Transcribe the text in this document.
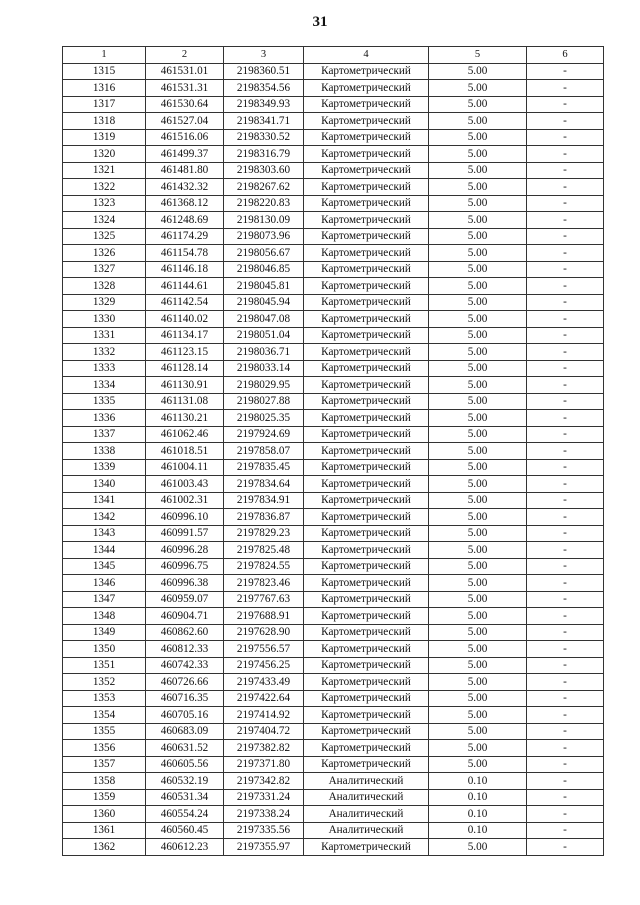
31
1	2	3	4	5	6
1315	461531.01	2198360.51	Картометрический	5.00	-
1316	461531.31	2198354.56	Картометрический	5.00	-
1317	461530.64	2198349.93	Картометрический	5.00	-
1318	461527.04	2198341.71	Картометрический	5.00	-
1319	461516.06	2198330.52	Картометрический	5.00	-
1320	461499.37	2198316.79	Картометрический	5.00	-
1321	461481.80	2198303.60	Картометрический	5.00	-
1322	461432.32	2198267.62	Картометрический	5.00	-
1323	461368.12	2198220.83	Картометрический	5.00	-
1324	461248.69	2198130.09	Картометрический	5.00	-
1325	461174.29	2198073.96	Картометрический	5.00	-
1326	461154.78	2198056.67	Картометрический	5.00	-
1327	461146.18	2198046.85	Картометрический	5.00	-
1328	461144.61	2198045.81	Картометрический	5.00	-
1329	461142.54	2198045.94	Картометрический	5.00	-
1330	461140.02	2198047.08	Картометрический	5.00	-
1331	461134.17	2198051.04	Картометрический	5.00	-
1332	461123.15	2198036.71	Картометрический	5.00	-
1333	461128.14	2198033.14	Картометрический	5.00	-
1334	461130.91	2198029.95	Картометрический	5.00	-
1335	461131.08	2198027.88	Картометрический	5.00	-
1336	461130.21	2198025.35	Картометрический	5.00	-
1337	461062.46	2197924.69	Картометрический	5.00	-
1338	461018.51	2197858.07	Картометрический	5.00	-
1339	461004.11	2197835.45	Картометрический	5.00	-
1340	461003.43	2197834.64	Картометрический	5.00	-
1341	461002.31	2197834.91	Картометрический	5.00	-
1342	460996.10	2197836.87	Картометрический	5.00	-
1343	460991.57	2197829.23	Картометрический	5.00	-
1344	460996.28	2197825.48	Картометрический	5.00	-
1345	460996.75	2197824.55	Картометрический	5.00	-
1346	460996.38	2197823.46	Картометрический	5.00	-
1347	460959.07	2197767.63	Картометрический	5.00	-
1348	460904.71	2197688.91	Картометрический	5.00	-
1349	460862.60	2197628.90	Картометрический	5.00	-
1350	460812.33	2197556.57	Картометрический	5.00	-
1351	460742.33	2197456.25	Картометрический	5.00	-
1352	460726.66	2197433.49	Картометрический	5.00	-
1353	460716.35	2197422.64	Картометрический	5.00	-
1354	460705.16	2197414.92	Картометрический	5.00	-
1355	460683.09	2197404.72	Картометрический	5.00	-
1356	460631.52	2197382.82	Картометрический	5.00	-
1357	460605.56	2197371.80	Картометрический	5.00	-
1358	460532.19	2197342.82	Аналитический	0.10	-
1359	460531.34	2197331.24	Аналитический	0.10	-
1360	460554.24	2197338.24	Аналитический	0.10	-
1361	460560.45	2197335.56	Аналитический	0.10	-
1362	460612.23	2197355.97	Картометрический	5.00	-
